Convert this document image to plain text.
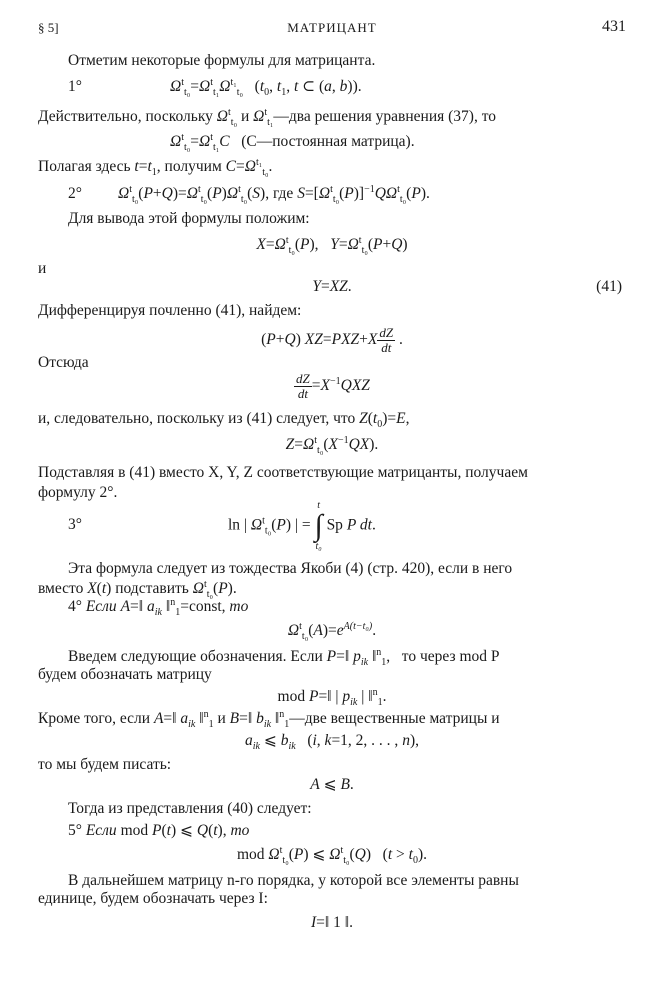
§ 5]	МАТРИЦАНТ	431
Отметим некоторые формулы для матрицанта.
1°	$\Omega^t_{t_0}=\Omega^t_{t_1}\Omega^{t_1}_{t_0}$   ($t_0$, $t_1$, t ⊂ (a, b)).
Действительно, поскольку $\Omega^t_{t_0}$ и $\Omega^t_{t_1}—два$ решения уравнения (37), то
$\Omega^t_{t_0}=\Omega^t_{t_1}C$ (C—постоянная матрица).
Полагая здесь $t=t_1$, получим $C=\Omega^{t_1}_{t_0}$.
2° $\Omega^t_{t_0}(P+Q)=\Omega^t_{t_0}(P)\Omega^t_{t_0}(S)$, где $S=[\Omega^t_{t_0}(P)]^{-1}Q\Omega^t_{t_0}(P)$.
Для вывода этой формулы положим:
$X=\Omega^t_{t_0}(P)$,   $Y=\Omega^t_{t_0}(P+Q)$
и
Y=XZ.	(41)
Дифференцируя почленно (41), найдем:
(P+Q) $XZ=PXZ+X \frac{dZ}{dt}$ .
Отсюда
$\frac{dZ}{dt} =X^{-1}QXZ$
и, следовательно, поскольку из (41) следует, что $Z(t_0)=E$,
$Z=\Omega^t_{t_0}(X^{-1}QX)$.
Подставляя в (41) вместо X, Y, Z соответствующие матрицанты, получаем
формулу 2°.
3°	ln | $\Omega^t_{t_0}(P)$ | = t
∫
t₀ Sp P dt.
Эта формула следует из тождества Якоби (4) (стр. 420), если в него
вместо X(t) подставить $\Omega^t_{t_0}(P)$.
4° Если A=‖ $a_{ik}$ ‖$^n_1$=const, то
$\Omega^t_{t_0}(A)=e^{A(t-t_0)}$.
Введем следующие обозначения. Если P=‖ $p_{ik}$ ‖$^n_1$,   то через mod P
будем обозначать матрицу
mod P=‖ | $p_{ik}$ | ‖$^n_1$.
Кроме того, если A=‖ $a_{ik}$ ‖$^n_1$ и B=‖ $b_{ik}$ ‖$^n_1$—две вещественные матрицы и
$a_{ik}$ ⩽ $b_{ik}$   (i, k=1, 2, . . . , n),
то мы будем писать:
A ⩽ B.
Тогда из представления (40) следует:
5° Если mod P(t) ⩽ Q(t), то
mod $\Omega^t_{t_0}(P)$ ⩽ $\Omega^t_{t_0}(Q) (t > t_0)$.
В дальнейшем матрицу n-го порядка, у которой все элементы равны
единице, будем обозначать через I:
I=‖ 1 ‖.
